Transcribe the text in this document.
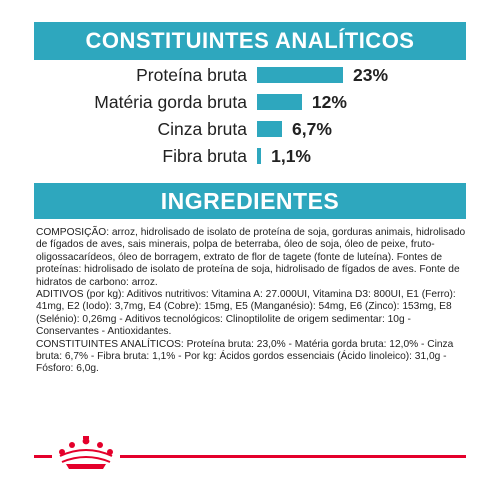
CONSTITUINTES ANALÍTICOS
Proteína bruta	23%
Matéria gorda bruta	12%
Cinza bruta	6,7%
Fibra bruta 1,1%
INGREDIENTES

COMPOSIÇÃO: arroz, hidrolisado de isolato de proteína de soja, gorduras animais, hidrolisado de fígados de aves, sais minerais, polpa de beterraba, óleo de soja, óleo de peixe, fruto-oligossacarídeos, óleo de borragem, extrato de flor de tagete (fonte de luteína). Fontes de proteínas: hidrolisado de isolato de proteína de soja, hidrolisado de fígados de aves. Fonte de hidratos de carbono: arroz.

ADITIVOS (por kg): Aditivos nutritivos: Vitamina A: 27.000UI, Vitamina D3: 800UI, E1 (Ferro): 41mg, E2 (Iodo): 3,7mg, E4 (Cobre): 15mg, E5 (Manganésio): 54mg, E6 (Zinco): 153mg, E8 (Selénio): 0,26mg - Aditivos tecnológicos: Clinoptilolite de origem sedimentar: 10g - Conservantes - Antioxidantes.

CONSTITUINTES ANALÍTICOS: Proteína bruta: 23,0% - Matéria gorda bruta: 12,0% - Cinza bruta: 6,7% - Fibra bruta: 1,1% - Por kg: Ácidos gordos essenciais (Ácido linoleico): 31,0g - Fósforo: 6,0g.
